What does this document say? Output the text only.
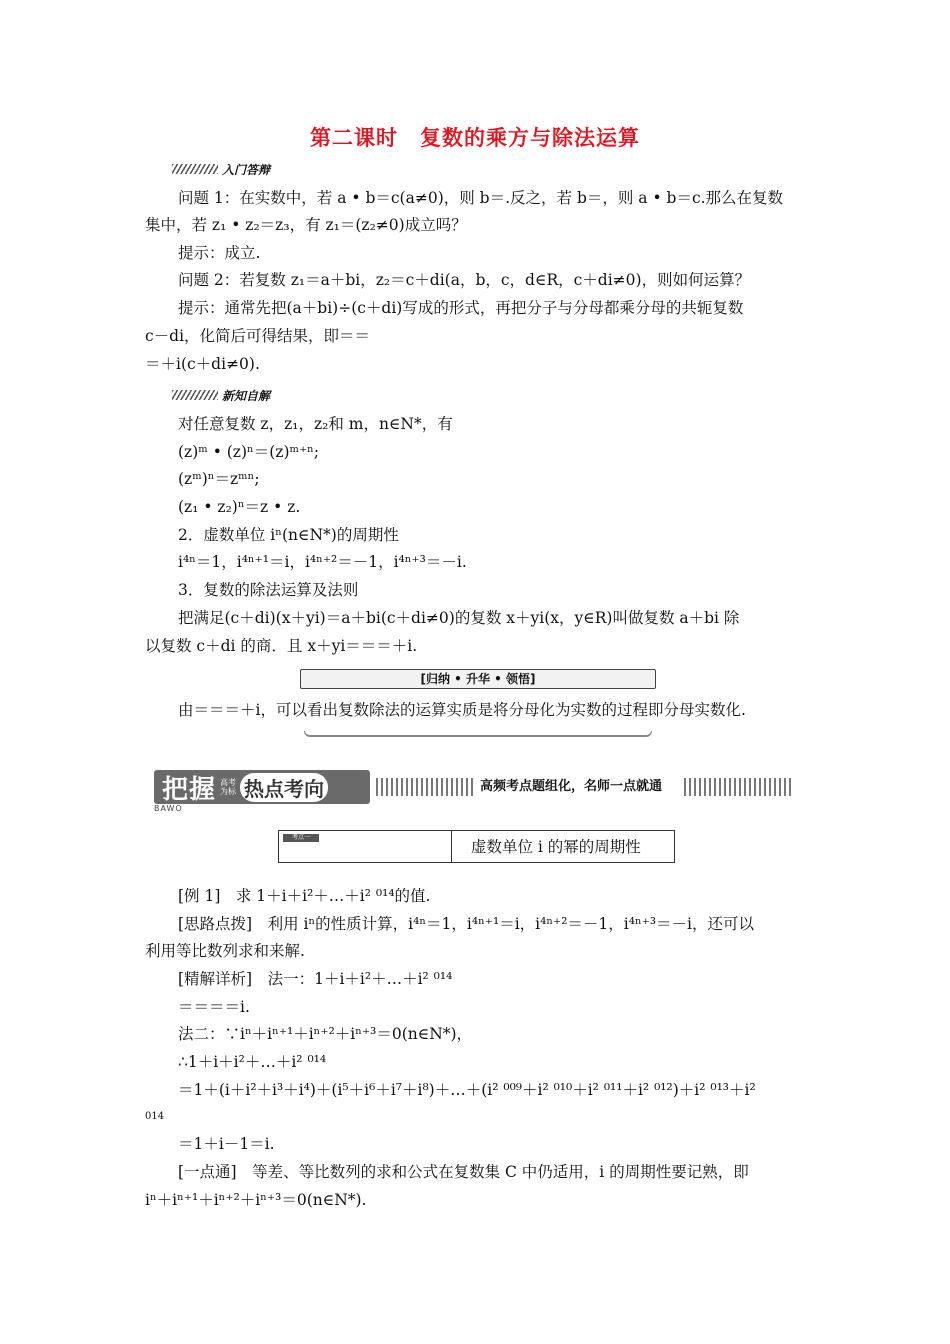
第二课时　复数的乘方与除法运算
入门答辩
问题 1：在实数中，若 a • b＝c(a≠0)，则 b＝.反之，若 b＝，则 a • b＝c.那么在复数
集中，若 z₁ • z₂＝z₃，有 z₁＝(z₂≠0)成立吗？
提示：成立.
问题 2：若复数 z₁＝a＋bi，z₂＝c＋di(a，b，c，d∈R，c＋di≠0)，则如何运算？
提示：通常先把(a＋bi)÷(c＋di)写成的形式，再把分子与分母都乘分母的共轭复数
c－di，化简后可得结果，即＝＝
＝＋i(c＋di≠0).
新知自解
对任意复数 z，z₁，z₂和 m，n∈N*，有
(z)ᵐ • (z)ⁿ＝(z)ᵐ⁺ⁿ;
(zᵐ)ⁿ＝zᵐⁿ;
(z₁ • z₂)ⁿ＝z • z.
2．虚数单位 iⁿ(n∈N*)的周期性
i⁴ⁿ＝1，i⁴ⁿ⁺¹＝i，i⁴ⁿ⁺²＝－1，i⁴ⁿ⁺³＝－i.
3．复数的除法运算及法则
把满足(c＋di)(x＋yi)＝a＋bi(c＋di≠0)的复数 x＋yi(x，y∈R)叫做复数 a＋bi 除
以复数 c＋di 的商．且 x＋yi＝＝＝＋i.
[归纳 • 升华 • 领悟]
由＝＝＝＋i，可以看出复数除法的运算实质是将分母化为实数的过程即分母实数化.
把握 高考为标 热点考向
BAWO
高频考点题组化，名师一点就通
考点一
虚数单位 i 的幂的周期性
[例 1]　求 1＋i＋i²＋…＋i² ⁰¹⁴的值.
[思路点拨]　利用 iⁿ的性质计算，i⁴ⁿ＝1，i⁴ⁿ⁺¹＝i，i⁴ⁿ⁺²＝－1，i⁴ⁿ⁺³＝－i，还可以
利用等比数列求和来解.
[精解详析]　法一：1＋i＋i²＋…＋i² ⁰¹⁴
＝＝＝＝i.
法二：∵iⁿ＋iⁿ⁺¹＋iⁿ⁺²＋iⁿ⁺³＝0(n∈N*)，
∴1＋i＋i²＋…＋i² ⁰¹⁴
＝1＋(i＋i²＋i³＋i⁴)＋(i⁵＋i⁶＋i⁷＋i⁸)＋…＋(i² ⁰⁰⁹＋i² ⁰¹⁰＋i² ⁰¹¹＋i² ⁰¹²)＋i² ⁰¹³＋i²
014
＝1＋i－1＝i.
[一点通]　等差、等比数列的求和公式在复数集 C 中仍适用，i 的周期性要记熟，即
iⁿ＋iⁿ⁺¹＋iⁿ⁺²＋iⁿ⁺³＝0(n∈N*).
